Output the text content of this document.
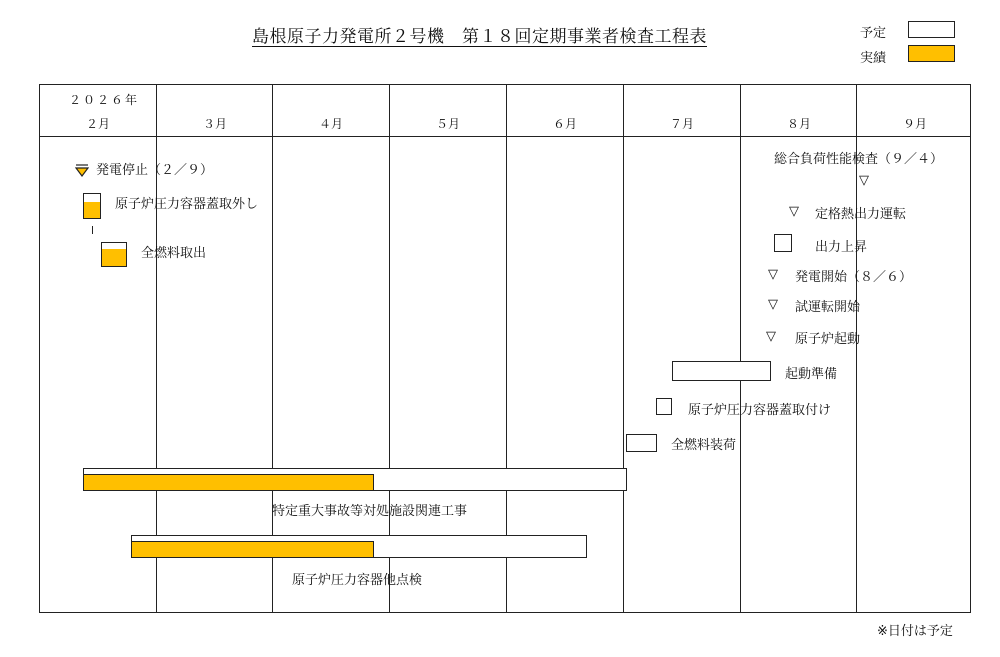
島根原子力発電所２号機　第１８回定期事業者検査工程表	予定
実績
２０２６年
２月	３月	４月	５月	６月	７月	８月	９月
発電停止（２／９）
原子炉圧力容器蓋取外し
全燃料取出
総合負荷性能検査（９／４）
▽
▽ 定格熱出力運転
出力上昇
▽ 発電開始（８／６）
▽ 試運転開始
▽ 原子炉起動
起動準備
原子炉圧力容器蓋取付け
全燃料装荷
特定重大事故等対処施設関連工事
原子炉圧力容器他点検
※日付は予定
